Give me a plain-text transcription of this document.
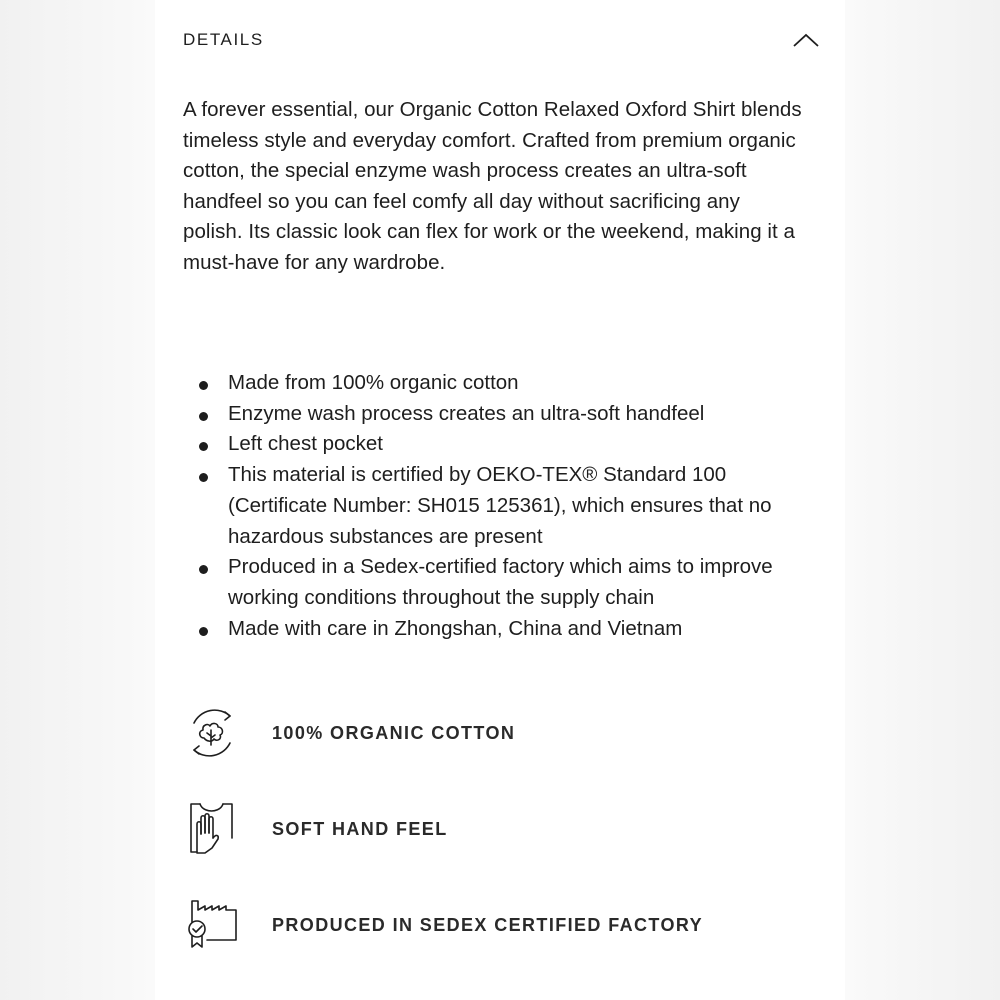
DETAILS

A forever essential, our Organic Cotton Relaxed Oxford Shirt blends timeless style and everyday comfort. Crafted from premium organic cotton, the special enzyme wash process creates an ultra-soft handfeel so you can feel comfy all day without sacrificing any polish. Its classic look can flex for work or the weekend, making it a must-have for any wardrobe.

Made from 100% organic cotton
Enzyme wash process creates an ultra-soft handfeel
Left chest pocket
This material is certified by OEKO-TEX® Standard 100 (Certificate Number: SH015 125361), which ensures that no hazardous substances are present
Produced in a Sedex-certified factory which aims to improve working conditions throughout the supply chain
Made with care in Zhongshan, China and Vietnam
100% ORGANIC COTTON
SOFT HAND FEEL
PRODUCED IN SEDEX CERTIFIED FACTORY
